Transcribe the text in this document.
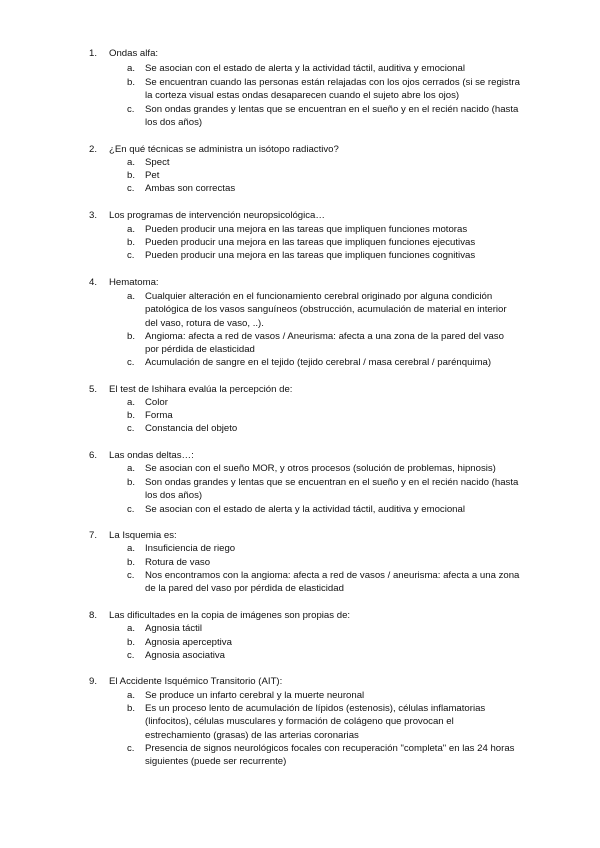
1. Ondas alfa:
a. Se asocian con el estado de alerta y la actividad táctil, auditiva y emocional
b. Se encuentran cuando las personas están relajadas con los ojos cerrados (si se registra la corteza visual estas ondas desaparecen cuando el sujeto abre los ojos)
c. Son ondas grandes y lentas que se encuentran en el sueño y en el recién nacido (hasta los dos años)
2. ¿En qué técnicas se administra un isótopo radiactivo?
a. Spect
b. Pet
c. Ambas son correctas
3. Los programas de intervención neuropsicológica…
a. Pueden producir una mejora en las tareas que impliquen funciones motoras
b. Pueden producir una mejora en las tareas que impliquen funciones ejecutivas
c. Pueden producir una mejora en las tareas que impliquen funciones cognitivas
4. Hematoma:
a. Cualquier alteración en el funcionamiento cerebral originado por alguna condición patológica de los vasos sanguíneos (obstrucción, acumulación de material en interior del vaso, rotura de vaso, ..).
b. Angioma: afecta a red de vasos / Aneurisma: afecta a una zona de la pared del vaso por pérdida de elasticidad
c. Acumulación de sangre en el tejido (tejido cerebral / masa cerebral / parénquima)
5. El test de Ishihara evalúa la percepción de:
a. Color
b. Forma
c. Constancia del objeto
6. Las ondas deltas…:
a. Se asocian con el sueño MOR, y otros procesos (solución de problemas, hipnosis)
b. Son ondas grandes y lentas que se encuentran en el sueño y en el recién nacido (hasta los dos años)
c. Se asocian con el estado de alerta y la actividad táctil, auditiva y emocional
7. La Isquemia es:
a. Insuficiencia de riego
b. Rotura de vaso
c. Nos encontramos con la angioma: afecta a red de vasos / aneurisma: afecta a una zona de la pared del vaso por pérdida de elasticidad
8. Las dificultades en la copia de imágenes son propias de:
a. Agnosia táctil
b. Agnosia aperceptiva
c. Agnosia asociativa
9. El Accidente Isquémico Transitorio (AIT):
a. Se produce un infarto cerebral y la muerte neuronal
b. Es un proceso lento de acumulación de lípidos (estenosis), células inflamatorias (linfocitos), células musculares y formación de colágeno que provocan el estrechamiento (grasas) de las arterias coronarias
c. Presencia de signos neurológicos focales con recuperación "completa" en las 24 horas siguientes (puede ser recurrente)
